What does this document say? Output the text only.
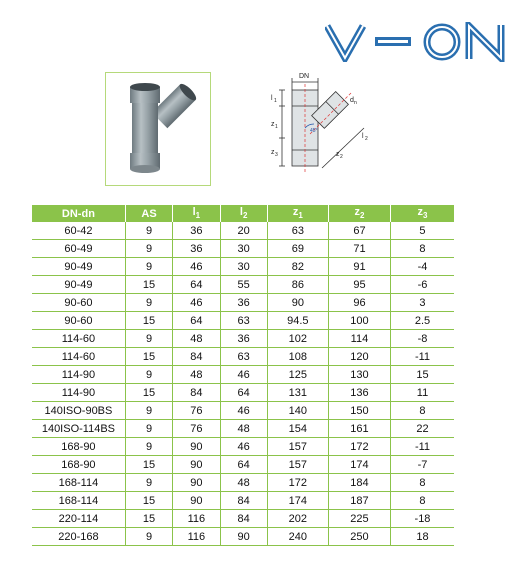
DN
d n
l 1
z 1
z 3	z 2
l 2
45°
DN-dn	AS	$l_1$	$l_2$	$z_1$	$z_2$	$z_3$
60-42	9	36	20	63	67	5
60-49	9	36	30	69	71	8
90-49	9	46	30	82	91	-4
90-49	15	64	55	86	95	-6
90-60	9	46	36	90	96	3
90-60	15	64	63	94.5	100	2.5
114-60	9	48	36	102	114	-8
114-60	15	84	63	108	120	-11
114-90	9	48	46	125	130	15
114-90	15	84	64	131	136	11
140ISO-90BS	9	76	46	140	150	8
140ISO-114BS	9	76	48	154	161	22
168-90	9	90	46	157	172	-11
168-90	15	90	64	157	174	-7
168-114	9	90	48	172	184	8
168-114	15	90	84	174	187	8
220-114	15	116	84	202	225	-18
220-168	9	116	90	240	250	18
